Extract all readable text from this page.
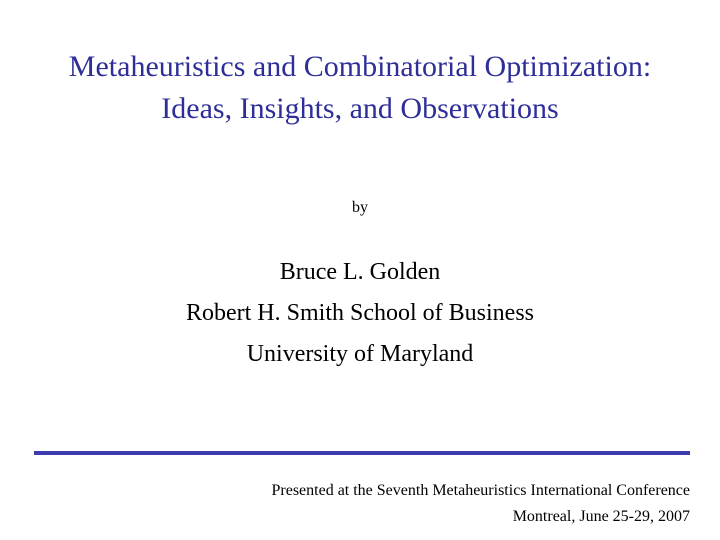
Metaheuristics and Combinatorial Optimization:
Ideas, Insights, and Observations
by
Bruce L. Golden
Robert H. Smith School of Business
University of Maryland
Presented at the Seventh Metaheuristics International Conference
Montreal, June 25-29, 2007
